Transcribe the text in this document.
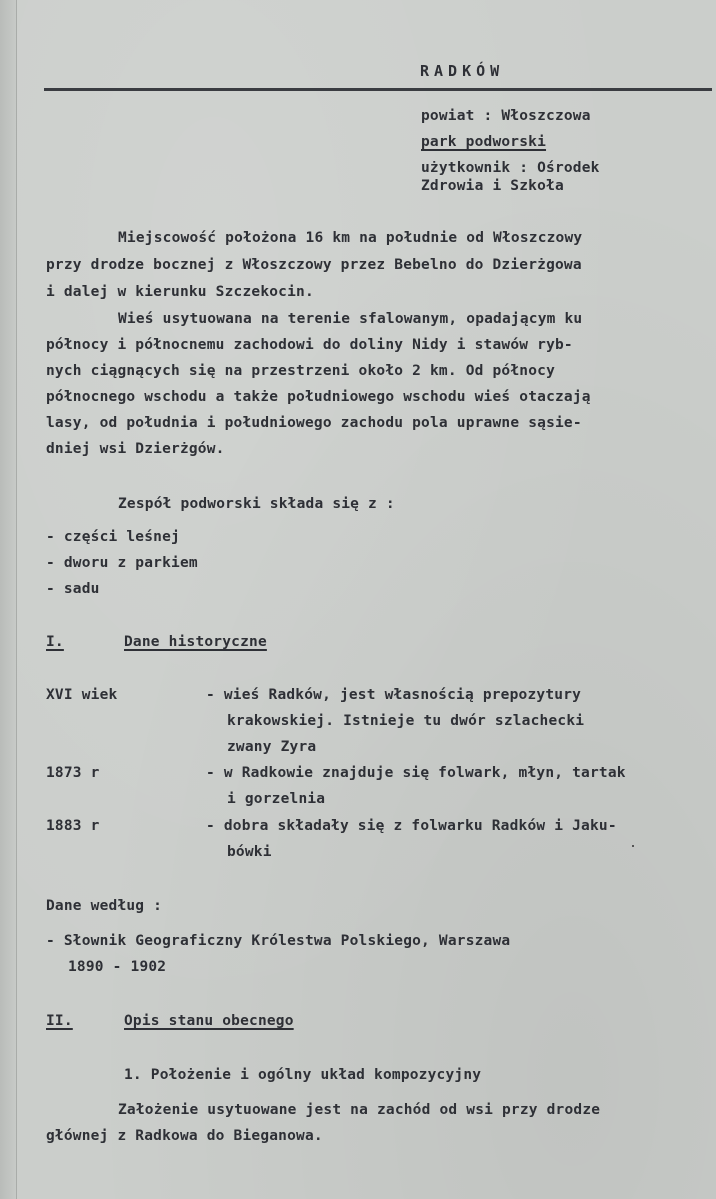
RADKÓW
powiat : Włoszczowa
park podworski
użytkownik : Ośrodek
Zdrowia i Szkoła
Miejscowość położona 16 km na południe od Włoszczowy
przy drodze bocznej z Włoszczowy przez Bebelno do Dzierżgowa
i dalej w kierunku Szczekocin.
Wieś usytuowana na terenie sfalowanym, opadającym ku
północy i północnemu zachodowi do doliny Nidy i stawów ryb-
nych ciągnących się na przestrzeni około 2 km. Od północy
północnego wschodu a także południowego wschodu wieś otaczają
lasy, od południa i południowego zachodu pola uprawne sąsie-
dniej wsi Dzierżgów.
Zespół podworski składa się z :
- części leśnej
- dworu z parkiem
- sadu
I.	Dane historyczne
XVI wiek	- wieś Radków, jest własnością prepozytury
krakowskiej. Istnieje tu dwór szlachecki
zwany Zyra
1873 r	- w Radkowie znajduje się folwark, młyn, tartak
i gorzelnia
1883 r	- dobra składały się z folwarku Radków i Jaku-
bówki
Dane według :
- Słownik Geograficzny Królestwa Polskiego, Warszawa
1890 - 1902
II.	Opis stanu obecnego
1. Położenie i ogólny układ kompozycyjny
Założenie usytuowane jest na zachód od wsi przy drodze
głównej z Radkowa do Bieganowa.
